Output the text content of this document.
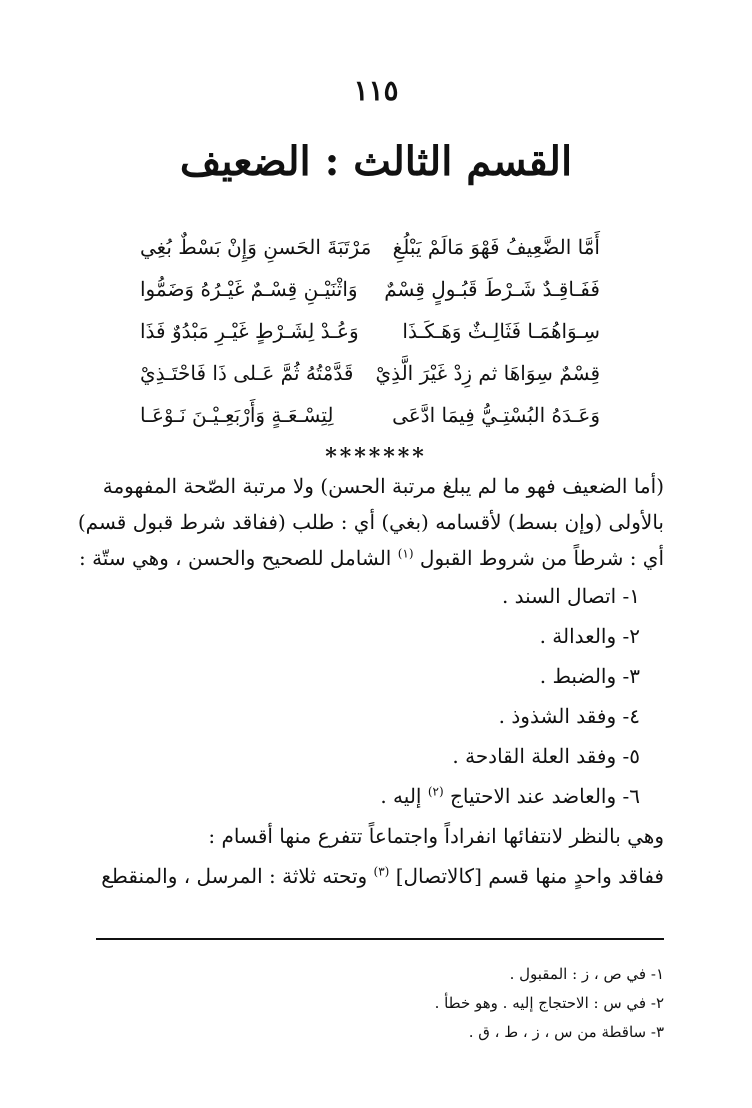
١١٥
القسم الثالث : الضعيف
أَمَّا الضَّعِيفُ فَهْوَ مَالَمْ يَبْلُغِ
مَرْتَبَةَ الحَسنِ وَإِنْ بَسْطٌ بُغِي
فَفَـاقِـدٌ شَـرْطَ قَبُـولٍ قِسْمٌ
وَاثْنَيْـنِ قِسْـمٌ غَيْـرُهُ وَضَمُّوا
سِـوَاهُمَـا فَثَالِـثٌ وَهَـكَـذَا
وَعُـدْ لِشَـرْطٍ غَيْـرِ مَبْدُوٌ فَذَا
قِسْمٌ سِوَاهَا ثم زِدْ غَيْرَ الَّذِيْ
قَدَّمْتُهُ ثُمَّ عَـلى ذَا فَاحْتَـذِيْ
وَعَـدَهُ البُسْتِـيُّ فِيمَا ادَّعَى
لِتِسْـعَـةٍ وَأَرْبَعِـيْـنَ نَـوْعَـا
*******

(أما الضعيف فهو ما لم يبلغ مرتبة الحسن) ولا مرتبة الصّحة المفهومة

بالأولى (وإن بسط) لأقسامه (بغي) أي : طلب (ففاقد شرط قبول قسم)

أي : شرطاً من شروط القبول $^{(١)}$ الشامل للصحيح والحسن ، وهي ستّة :

١- اتصال السند .
٢- والعدالة .
٣- والضبط .
٤- وفقد الشذوذ .
٥- وفقد العلة القادحة .
٦- والعاضد عند الاحتياج $^{(٢)}$ إليه .

وهي بالنظر لانتفائها انفراداً واجتماعاً تتفرع منها أقسام :

ففاقد واحدٍ منها قسم [كالاتصال] $^{(٣)}$ وتحته ثلاثة : المرسل ، والمنقطع

١- في ص ، ز : المقبول .
٢- في س : الاحتجاج إليه . وهو خطأ .
٣- ساقطة من س ، ز ، ط ، ق .
